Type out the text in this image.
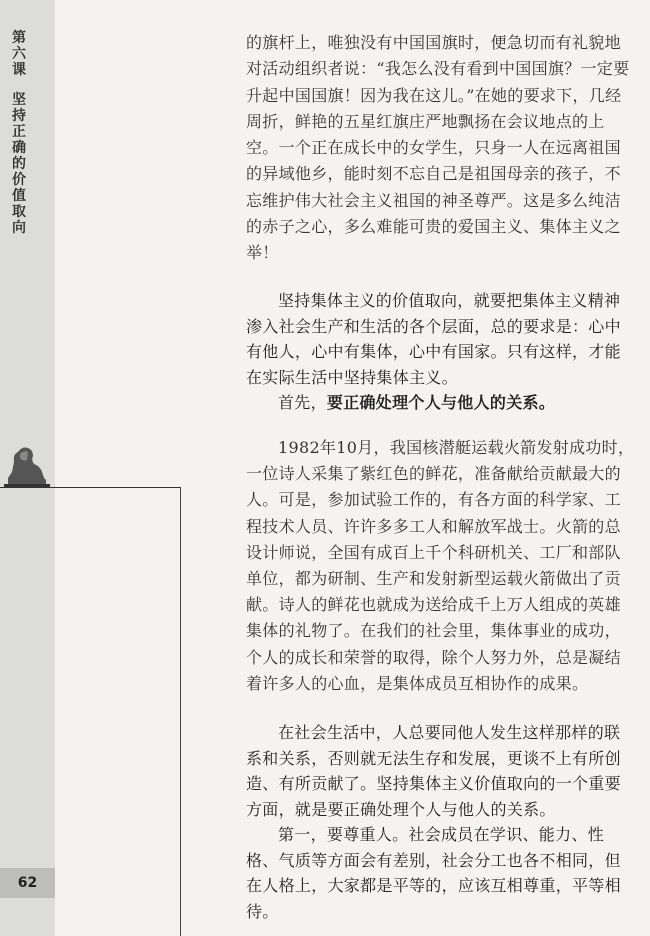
第
六
课
坚
持
正
确
的
价
值
取
向
62

的旗杆上，唯独没有中国国旗时，便急切而有礼貌地对活动组织者说：“我怎么没有看到中国国旗？一定要升起中国国旗！因为我在这儿。”在她的要求下，几经周折，鲜艳的五星红旗庄严地飘扬在会议地点的上空。一个正在成长中的女学生，只身一人在远离祖国的异域他乡，能时刻不忘自己是祖国母亲的孩子，不忘维护伟大社会主义祖国的神圣尊严。这是多么纯洁的赤子之心，多么难能可贵的爱国主义、集体主义之举！

坚持集体主义的价值取向，就要把集体主义精神渗入社会生产和生活的各个层面，总的要求是：心中有他人，心中有集体，心中有国家。只有这样，才能在实际生活中坚持集体主义。

首先，要正确处理个人与他人的关系。

1982年10月，我国核潜艇运载火箭发射成功时，一位诗人采集了紫红色的鲜花，准备献给贡献最大的人。可是，参加试验工作的，有各方面的科学家、工程技术人员、许许多多工人和解放军战士。火箭的总设计师说，全国有成百上千个科研机关、工厂和部队单位，都为研制、生产和发射新型运载火箭做出了贡献。诗人的鲜花也就成为送给成千上万人组成的英雄集体的礼物了。在我们的社会里，集体事业的成功，个人的成长和荣誉的取得，除个人努力外，总是凝结着许多人的心血，是集体成员互相协作的成果。

在社会生活中，人总要同他人发生这样那样的联系和关系，否则就无法生存和发展，更谈不上有所创造、有所贡献了。坚持集体主义价值取向的一个重要方面，就是要正确处理个人与他人的关系。

第一，要尊重人。社会成员在学识、能力、性格、气质等方面会有差别，社会分工也各不相同，但在人格上，大家都是平等的，应该互相尊重，平等相待。
